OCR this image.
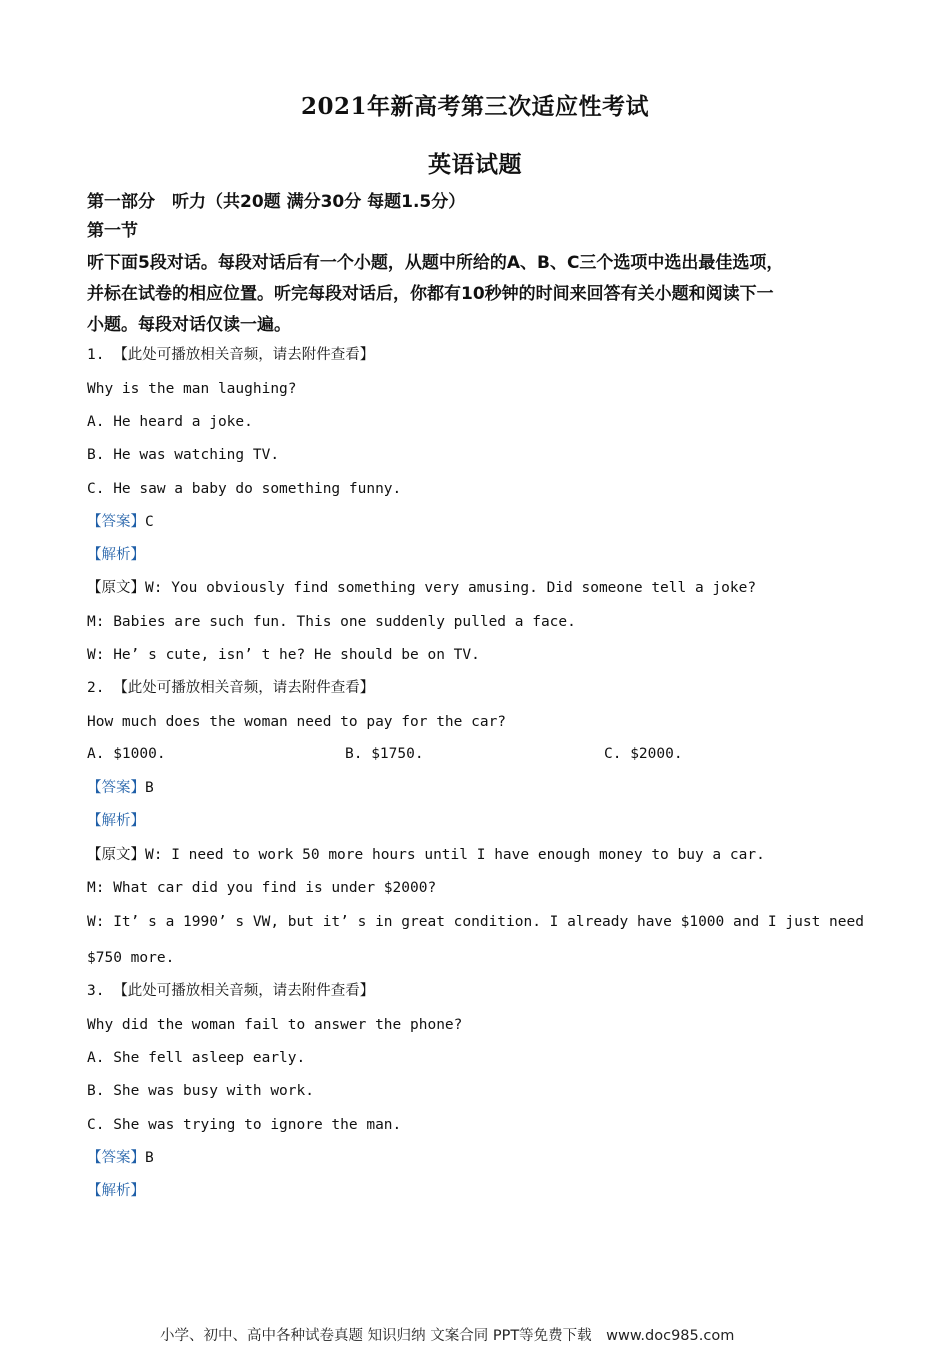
2021年新高考第三次适应性考试
英语试题
第一部分　听力（共20题 满分30分 每题1.5分）
第一节
听下面5段对话。每段对话后有一个小题，从题中所给的A、B、C三个选项中选出最佳选项，
并标在试卷的相应位置。听完每段对话后，你都有10秒钟的时间来回答有关小题和阅读下一
小题。每段对话仅读一遍。
1. 【此处可播放相关音频，请去附件查看】
Why is the man laughing?
A. He heard a joke.
B. He was watching TV.
C. He saw a baby do something funny.
【答案】C
【解析】
【原文】W: You obviously find something very amusing. Did someone tell a joke?
M: Babies are such fun. This one suddenly pulled a face.
W: He’ s cute, isn’ t he? He should be on TV.
2. 【此处可播放相关音频，请去附件查看】
How much does the woman need to pay for the car?
A. $1000.	B. $1750.	C. $2000.
【答案】B
【解析】
【原文】W: I need to work 50 more hours until I have enough money to buy a car.
M: What car did you find is under $2000?
W: It’ s a 1990’ s VW, but it’ s in great condition. I already have $1000 and I just need
$750 more.
3. 【此处可播放相关音频，请去附件查看】
Why did the woman fail to answer the phone?
A. She fell asleep early.
B. She was busy with work.
C. She was trying to ignore the man.
【答案】B
【解析】
小学、初中、高中各种试卷真题 知识归纳 文案合同 PPT等免费下载　www.doc985.com
